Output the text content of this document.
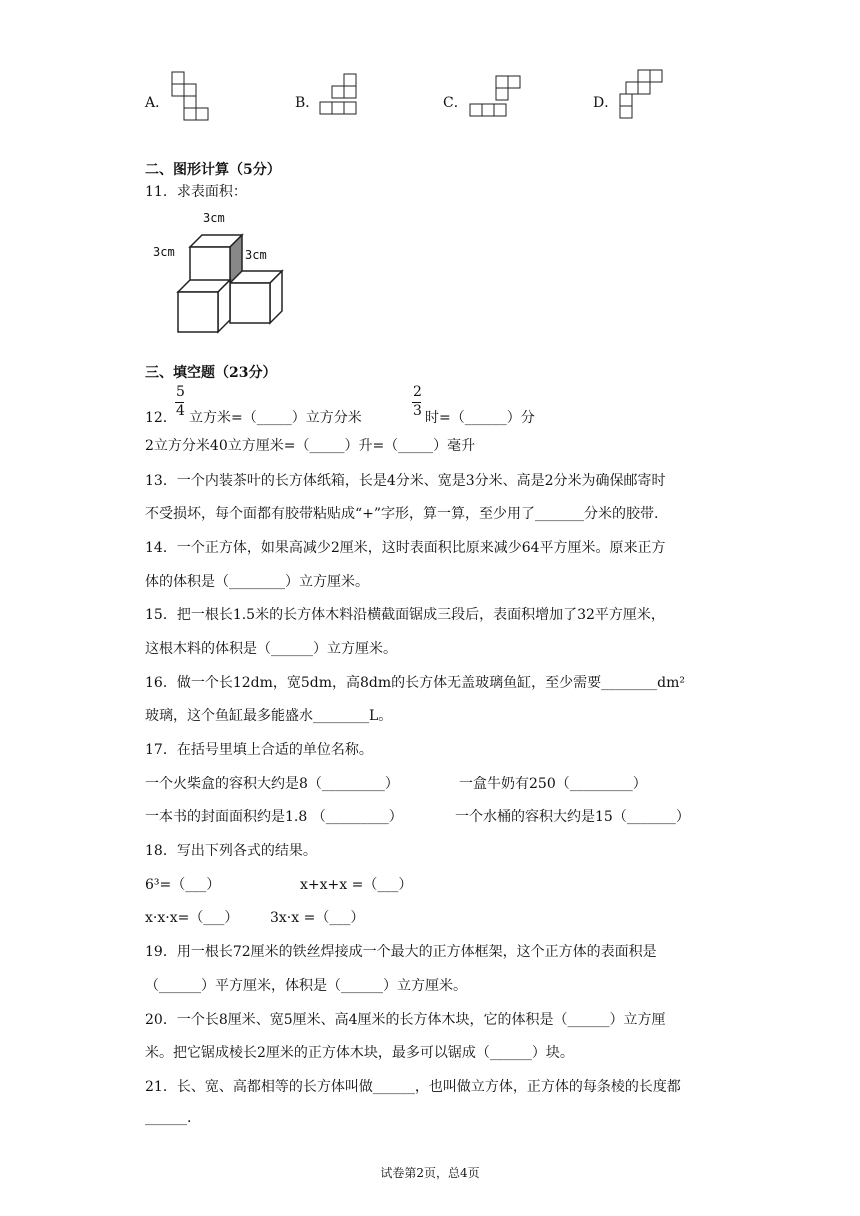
A．	B．	C．	D．
二、图形计算（5分）
11．求表面积：
3cm
3cm	3cm
三、填空题（23分）
12．
5
4 立方米=（_____）立方分米
2
3 时=（______）分
2立方分米40立方厘米=（_____）升=（_____）毫升
13．一个内装茶叶的长方体纸箱，长是4分米、宽是3分米、高是2分米为确保邮寄时
不受损坏，每个面都有胶带粘贴成“+”字形，算一算，至少用了_______分米的胶带.
14．一个正方体，如果高减少2厘米，这时表面积比原来减少64平方厘米。原来正方
体的体积是（________）立方厘米。
15．把一根长1.5米的长方体木料沿横截面锯成三段后，表面积增加了32平方厘米，
这根木料的体积是（______）立方厘米。
16．做一个长12dm，宽5dm，高8dm的长方体无盖玻璃鱼缸，至少需要________dm²
玻璃，这个鱼缸最多能盛水________L。
17．在括号里填上合适的单位名称。
一个火柴盒的容积大约是8（_________）	一盒牛奶有250（_________）
一本书的封面面积约是1.8 （_________）	一个水桶的容积大约是15（_______）
18．写出下列各式的结果。
6³=（___）	x+x+x =（___）
x·x·x=（___） 3x·x =（___）
19．用一根长72厘米的铁丝焊接成一个最大的正方体框架，这个正方体的表面积是
（______）平方厘米，体积是（______）立方厘米。
20．一个长8厘米、宽5厘米、高4厘米的长方体木块，它的体积是（______）立方厘
米。把它锯成棱长2厘米的正方体木块，最多可以锯成（______）块。
21．长、宽、高都相等的长方体叫做______，也叫做立方体，正方体的每条棱的长度都
______.
试卷第2页，总4页
